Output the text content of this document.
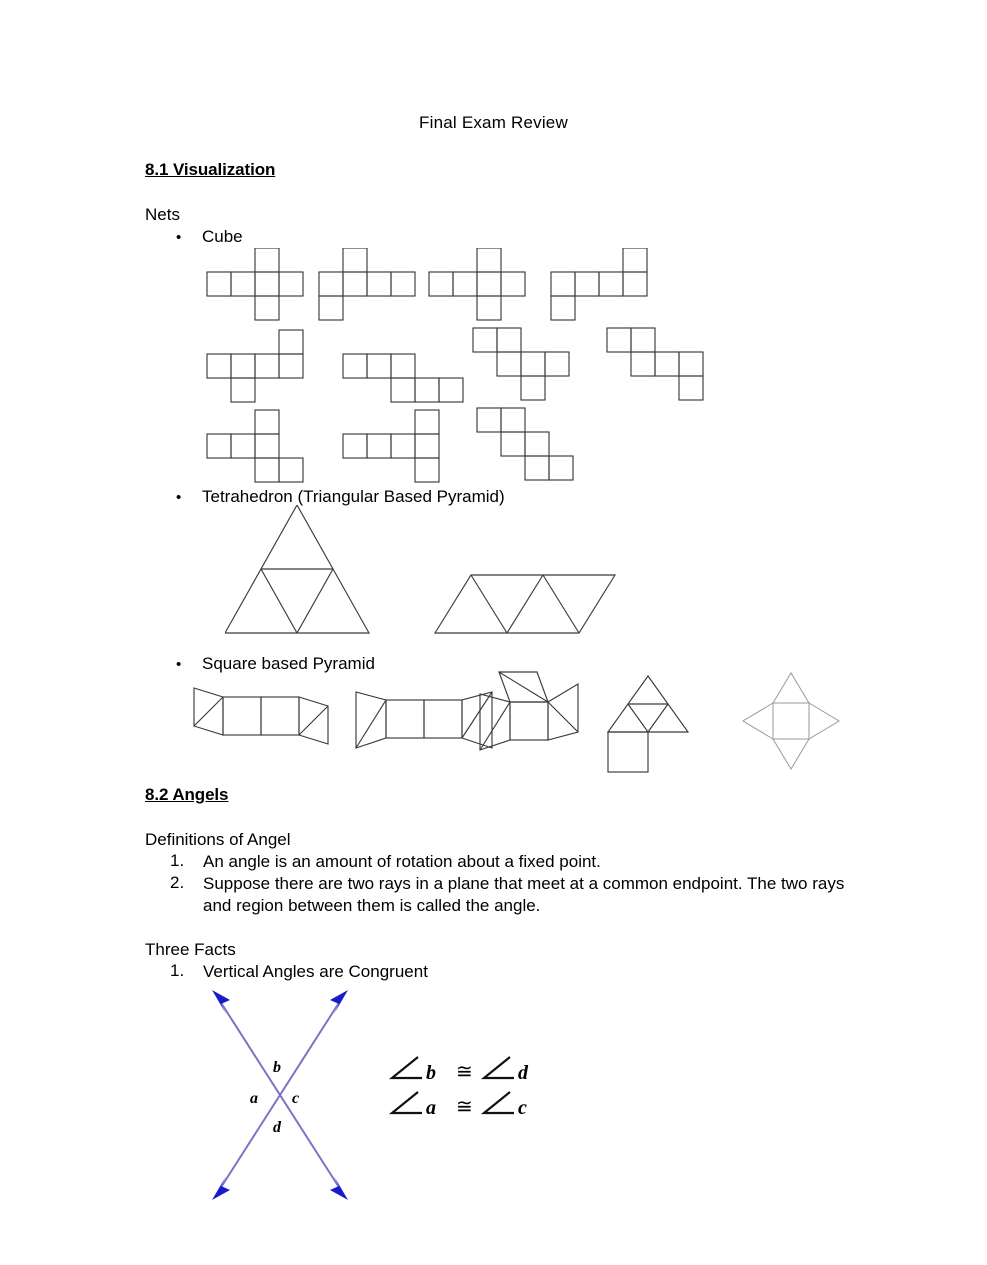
Final Exam Review
8.1 Visualization
Nets
•	Cube
•	Tetrahedron (Triangular Based Pyramid)
•	Square based Pyramid
8.2 Angels
Definitions of Angel
1.	An angle is an amount of rotation about a fixed point.
2.	Suppose there are two rays in a plane that meet at a common endpoint. The two rays and region between them is called the angle.
Three Facts
1.	Vertical Angles are Congruent
b
a c
d
b ≅ d
a ≅ c
